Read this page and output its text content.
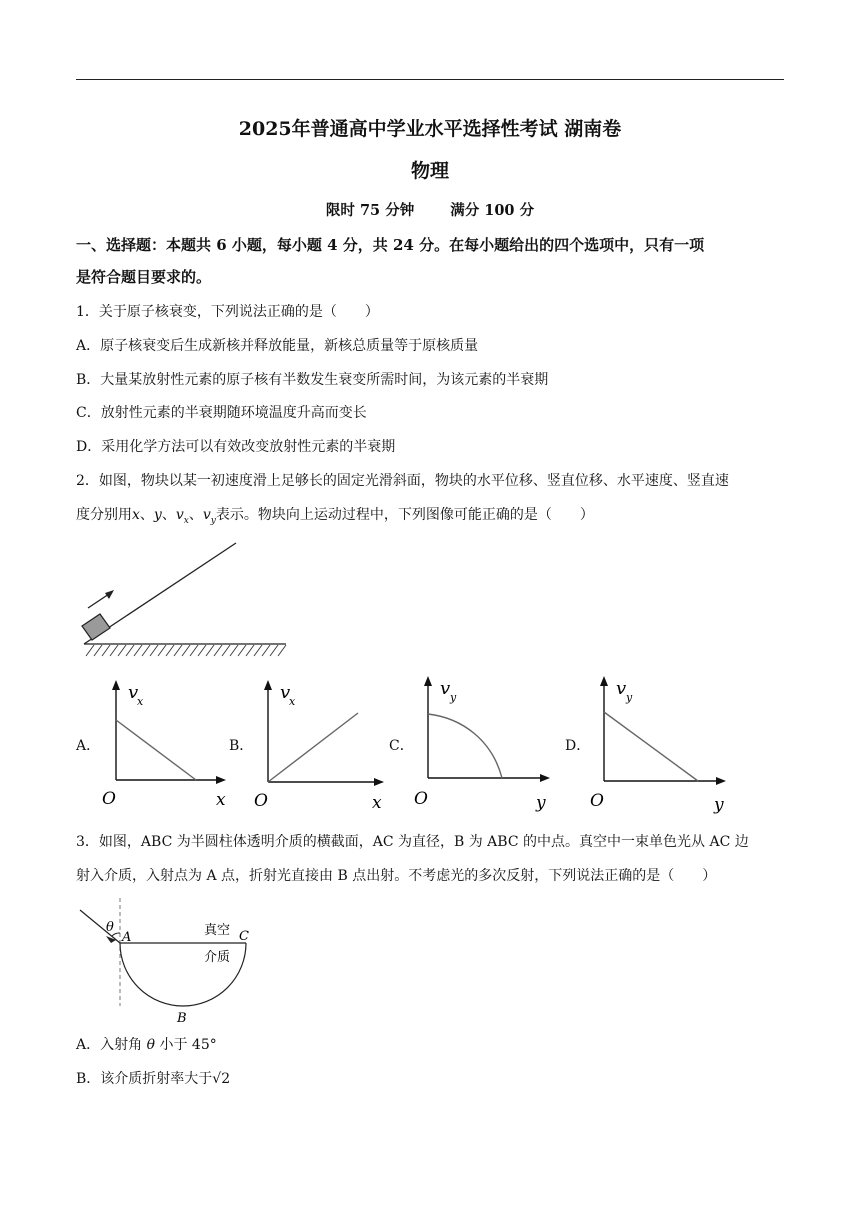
2025年普通高中学业水平选择性考试 湖南卷
物理
限时 75 分钟 满分 100 分
一、选择题：本题共 6 小题，每小题 4 分，共 24 分。在每小题给出的四个选项中，只有一项
是符合题目要求的。
1．关于原子核衰变，下列说法正确的是（　　）
A．原子核衰变后生成新核并释放能量，新核总质量等于原核质量
B．大量某放射性元素的原子核有半数发生衰变所需时间，为该元素的半衰期
C．放射性元素的半衰期随环境温度升高而变长
D．采用化学方法可以有效改变放射性元素的半衰期
2．如图，物块以某一初速度滑上足够长的固定光滑斜面，物块的水平位移、竖直位移、水平速度、竖直速
度分别用x、y、$v_x$、$v_y$表示。物块向上运动过程中，下列图像可能正确的是（　　）
A．
v
x
O	x
B．
v
x
O	x
C．
v y
O	y
D．
v y
O	y
3．如图，ABC 为半圆柱体透明介质的横截面，AC 为直径，B 为 ABC 的中点。真空中一束单色光从 AC 边
射入介质，入射点为 A 点，折射光直接由 B 点出射。不考虑光的多次反射，下列说法正确的是（　　）
θ
A	C
B
真空
介质
A．入射角 θ 小于 45°
B．该介质折射率大于√2
